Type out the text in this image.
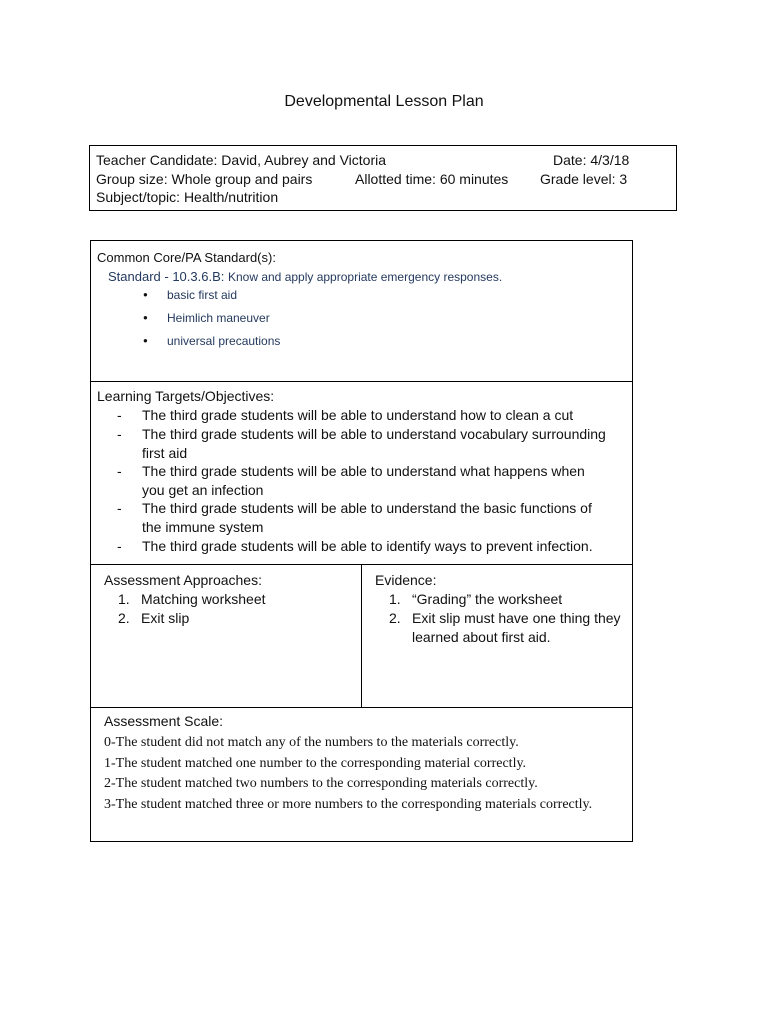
Developmental Lesson Plan
Teacher Candidate: David, Aubrey and Victoria	Date: 4/3/18
Group size: Whole group and pairs	Allotted time: 60 minutes Grade level: 3
Subject/topic: Health/nutrition
Common Core/PA Standard(s):
Standard - 10.3.6.B: Know and apply appropriate emergency responses.
● basic first aid
● Heimlich maneuver
● universal precautions
Learning Targets/Objectives:
- The third grade students will be able to understand how to clean a cut
- The third grade students will be able to understand vocabulary surrounding first aid
- The third grade students will be able to understand what happens when you get an infection
- The third grade students will be able to understand the basic functions of the immune system
- The third grade students will be able to identify ways to prevent infection.
Assessment Approaches:
1. Matching worksheet
2. Exit slip
Evidence:
1. “Grading” the worksheet
2. Exit slip must have one thing they learned about first aid.
Assessment Scale:
0-The student did not match any of the numbers to the materials correctly.
1-The student matched one number to the corresponding material correctly.
2-The student matched two numbers to the corresponding materials correctly.
3-The student matched three or more numbers to the corresponding materials correctly.
